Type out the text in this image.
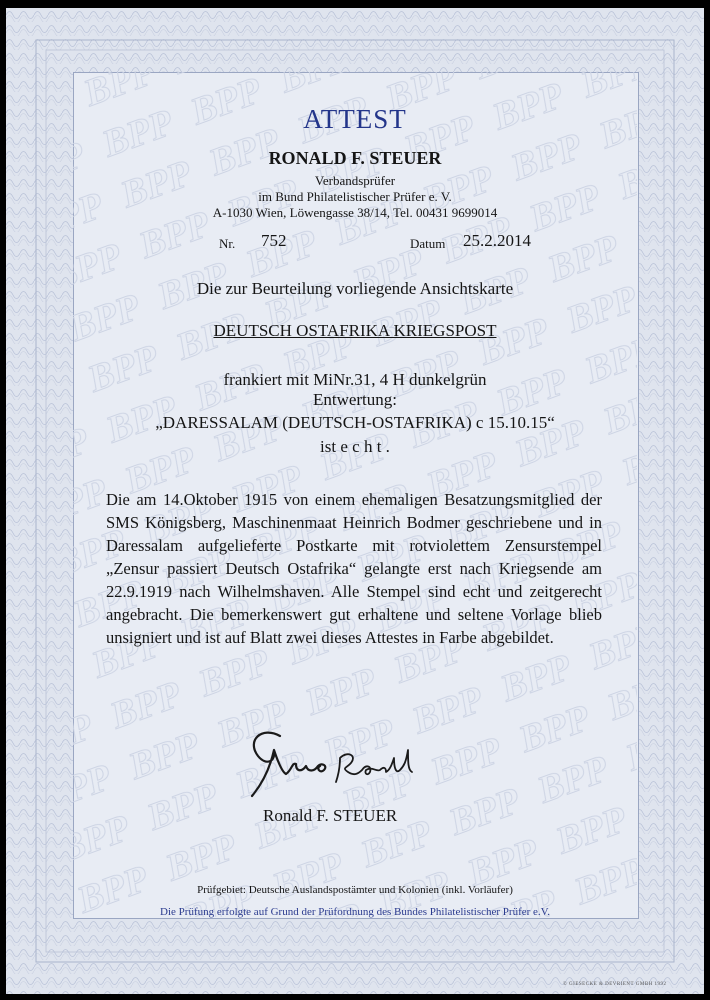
ATTEST
RONALD F. STEUER
Verbandsprüfer
im Bund Philatelistischer Prüfer e. V.
A-1030 Wien, Löwengasse 38/14, Tel. 00431 9699014
Nr. 752	Datum 25.2.2014
Die zur Beurteilung vorliegende Ansichtskarte
DEUTSCH OSTAFRIKA KRIEGSPOST
frankiert mit MiNr.31, 4 H dunkelgrün
Entwertung:
„DARESSALAM (DEUTSCH-OSTAFRIKA) c 15.10.15“
ist e c h t .
Die am 14.Oktober 1915 von einem ehemaligen Besatzungsmitglied der SMS Königsberg, Maschinenmaat Heinrich Bodmer geschriebene und in Daressalam aufgelieferte Postkarte mit rotviolettem Zensurstempel „Zensur passiert Deutsch Ostafrika“ gelangte erst nach Kriegsende am 22.9.1919 nach Wilhelmshaven. Alle Stempel sind echt und zeitgerecht angebracht. Die bemerkenswert gut erhaltene und seltene Vorlage blieb unsigniert und ist auf Blatt zwei dieses Attestes in Farbe abgebildet.
Ronald F. STEUER
Prüfgebiet: Deutsche Auslandspostämter und Kolonien (inkl. Vorläufer)
Die Prüfung erfolgte auf Grund der Prüfordnung des Bundes Philatelistischer Prüfer e.V.
© GIESECKE & DEVRIENT GMBH 1992
